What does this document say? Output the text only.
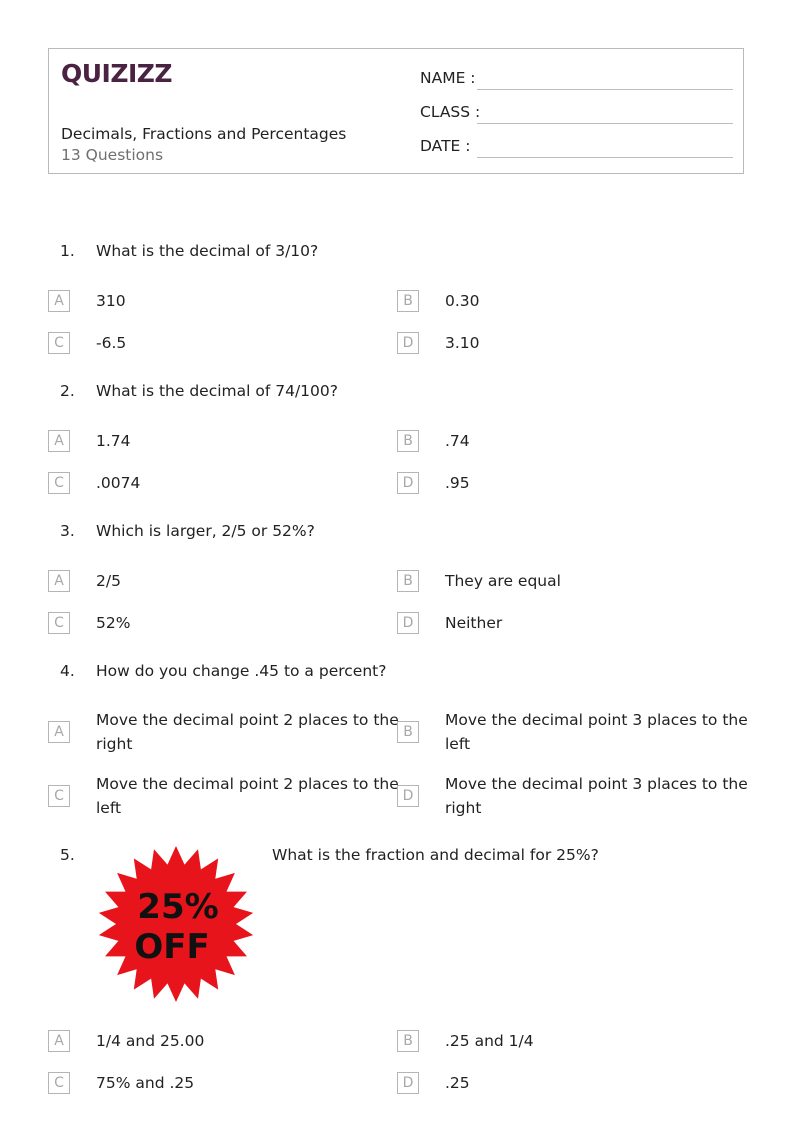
QUIZIZZ
Decimals, Fractions and Percentages
13 Questions
NAME :
CLASS :
DATE :
1. What is the decimal of 3/10?
A	310	B	0.30
C	-6.5	D	3.10
2. What is the decimal of 74/100?
A	1.74	B	.74
C	.0074	D	.95
3. Which is larger, 2/5 or 52%?
A	2/5	B	They are equal
C	52%	D	Neither
4. How do you change .45 to a percent?
A
Move the decimal point 2 places to the
right
B
Move the decimal point 3 places to the
left
C
Move the decimal point 2 places to the
left
D
Move the decimal point 3 places to the
right
5.	What is the fraction and decimal for 25%?
25%
OFF
A	1/4 and 25.00	B	.25 and 1/4
C	75% and .25	D	.25
